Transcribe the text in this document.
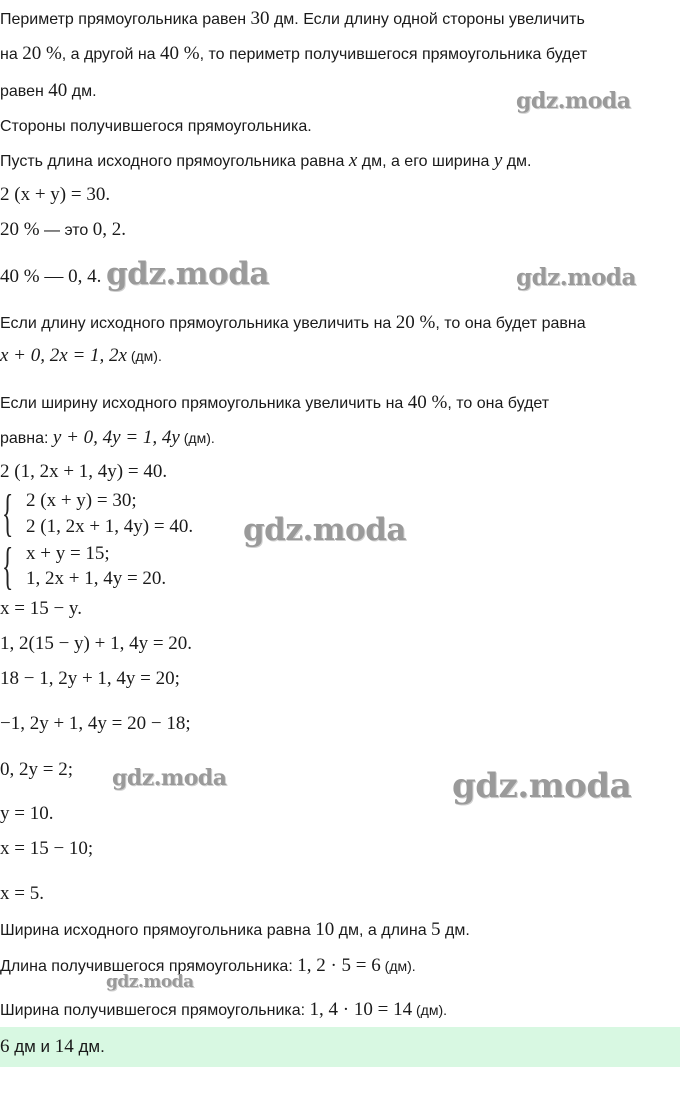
Периметр прямоугольника равен 30 дм. Если длину одной стороны увеличить
на 20 %, а другой на 40 %, то периметр получившегося прямоугольника будет
равен 40 дм.
Стороны получившегося прямоугольника.
Пусть длина исходного прямоугольника равна x дм, а его ширина y дм.
2 (x + y) = 30.
20 % — это 0, 2.
40 % — 0, 4.
Если длину исходного прямоугольника увеличить на 20 %, то она будет равна
x + 0, 2x = 1, 2x (дм).
Если ширину исходного прямоугольника увеличить на 40 %, то она будет
равна: y + 0, 4y = 1, 4y (дм).
2 (1, 2x + 1, 4y) = 40.
{ 2 (x + y) = 30;
2 (1, 2x + 1, 4y) = 40.
{ x + y = 15;
1, 2x + 1, 4y = 20.
x = 15 − y.
1, 2(15 − y) + 1, 4y = 20.
18 − 1, 2y + 1, 4y = 20;
−1, 2y + 1, 4y = 20 − 18;
0, 2y = 2;
y = 10.
x = 15 − 10;
x = 5.
Ширина исходного прямоугольника равна 10 дм, а длина 5 дм.
Длина получившегося прямоугольника: 1, 2 · 5 = 6 (дм).
Ширина получившегося прямоугольника: 1, 4 · 10 = 14 (дм).
6 дм и 14 дм.
gdz.moda
gdz.moda	gdz.moda
gdz.moda
gdz.moda	gdz.moda
gdz.moda
